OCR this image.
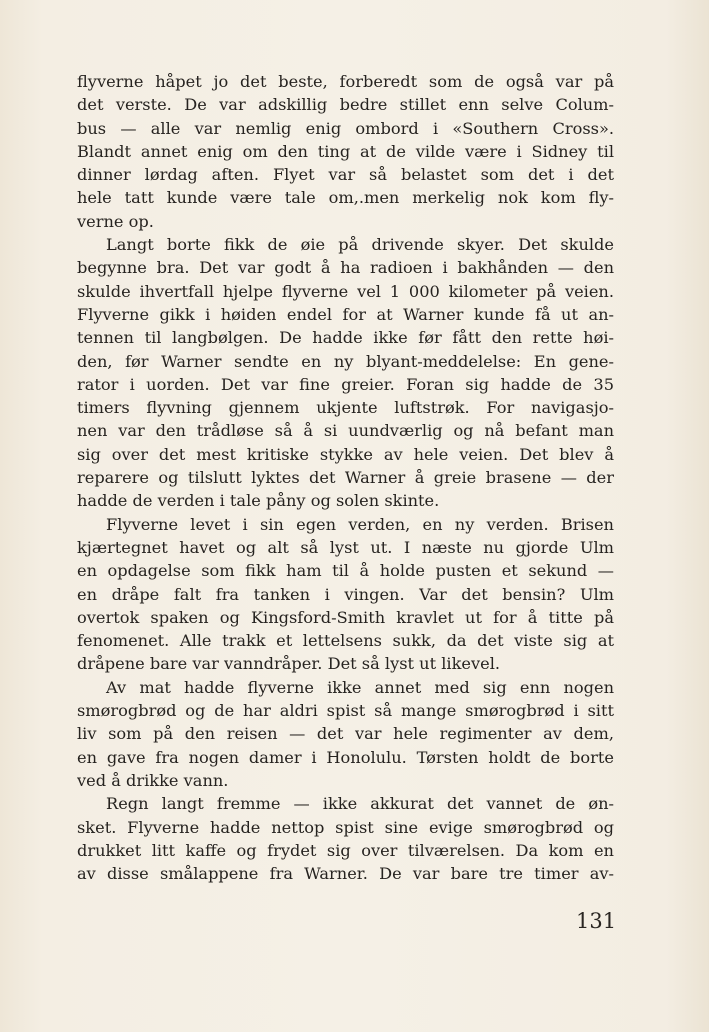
flyverne håpet jo det beste, forberedt som de også var på
det verste. De var adskillig bedre stillet enn selve Colum-
bus — alle var nemlig enig ombord i «Southern Cross».
Blandt annet enig om den ting at de vilde være i Sidney til
dinner lørdag aften. Flyet var så belastet som det i det
hele tatt kunde være tale om,.men merkelig nok kom fly-
verne op.
Langt borte fikk de øie på drivende skyer. Det skulde
begynne bra. Det var godt å ha radioen i bakhånden — den
skulde ihvertfall hjelpe flyverne vel 1 000 kilometer på veien.
Flyverne gikk i høiden endel for at Warner kunde få ut an-
tennen til langbølgen. De hadde ikke før fått den rette høi-
den, før Warner sendte en ny blyant-meddelelse: En gene-
rator i uorden. Det var fine greier. Foran sig hadde de 35
timers flyvning gjennem ukjente luftstrøk. For navigasjo-
nen var den trådløse så å si uundværlig og nå befant man
sig over det mest kritiske stykke av hele veien. Det blev å
reparere og tilslutt lyktes det Warner å greie brasene — der
hadde de verden i tale påny og solen skinte.
Flyverne levet i sin egen verden, en ny verden. Brisen
kjærtegnet havet og alt så lyst ut. I næste nu gjorde Ulm
en opdagelse som fikk ham til å holde pusten et sekund —
en dråpe falt fra tanken i vingen. Var det bensin? Ulm
overtok spaken og Kingsford-Smith kravlet ut for å titte på
fenomenet. Alle trakk et lettelsens sukk, da det viste sig at
dråpene bare var vanndråper. Det så lyst ut likevel.
Av mat hadde flyverne ikke annet med sig enn nogen
smørogbrød og de har aldri spist så mange smørogbrød i sitt
liv som på den reisen — det var hele regimenter av dem,
en gave fra nogen damer i Honolulu. Tørsten holdt de borte
ved å drikke vann.
Regn langt fremme — ikke akkurat det vannet de øn-
sket. Flyverne hadde nettop spist sine evige smørogbrød og
drukket litt kaffe og frydet sig over tilværelsen. Da kom en
av disse smålappene fra Warner. De var bare tre timer av-
131
